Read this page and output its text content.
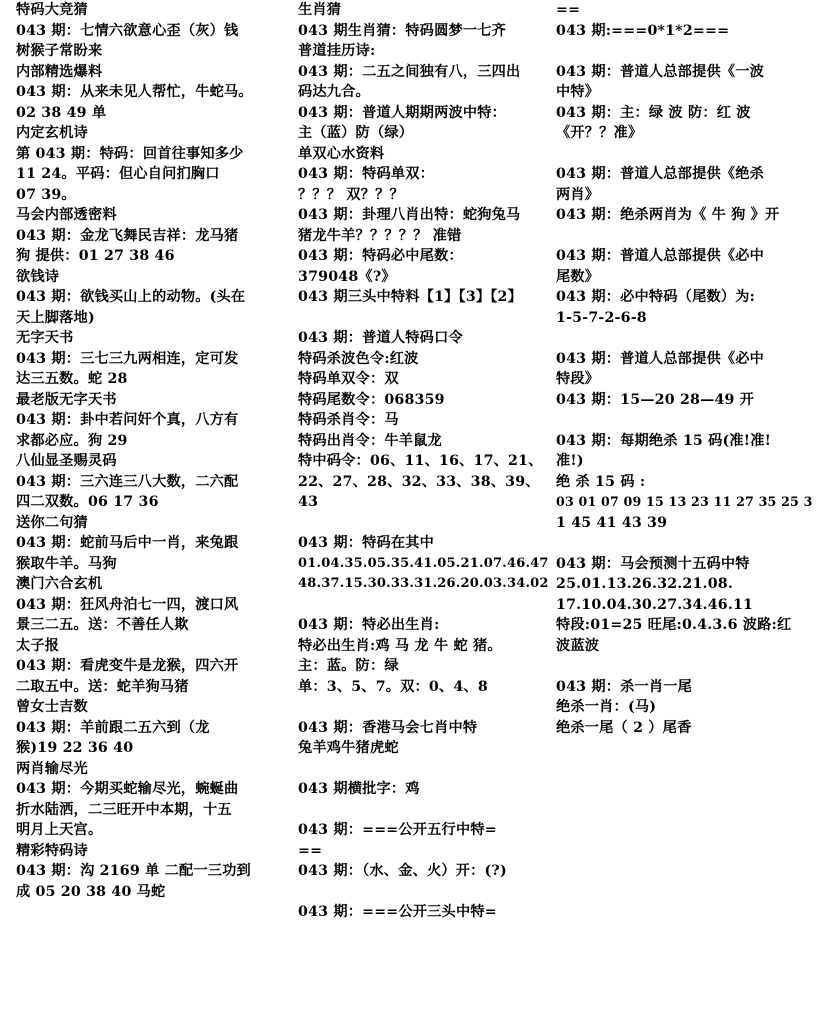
特码大竞猜
043 期：七情六欲意心歪（灰）钱
树猴子常盼来
内部精选爆料
043 期：从来未见人帮忙，牛蛇马。
02 38 49 单
内定玄机诗
第 043 期：特码：回首往事知多少
11 24。平码：但心自问扪胸口
07 39。
马会内部透密料
043 期：金龙飞舞民吉祥：龙马猪
狗 提供：01 27 38 46
欲钱诗
043 期：欲钱买山上的动物。(头在
天上脚落地)
无字天书
043 期：三七三九两相连，定可发
达三五数。蛇 28
最老版无字天书
043 期：卦中若问奸个真，八方有
求都必应。狗 29
八仙显圣赐灵码
043 期：三六连三八大数，二六配
四二双数。06 17 36
送你二句猜
043 期：蛇前马后中一肖，来兔跟
猴取牛羊。马狗
澳门六合玄机
043 期：狂风舟泊七一四，渡口风
景三二五。送：不善任人欺
太子报
043 期：看虎变牛是龙猴，四六开
二取五中。送：蛇羊狗马猪
曾女士吉数
043 期：羊前跟二五六到（龙
猴)19 22 36 40
两肖输尽光
043 期：今期买蛇输尽光，蜿蜒曲
折水陆洒，二三旺开中本期，十五
明月上天宫。
精彩特码诗
043 期：沟 2169 单 二配一三功到
成 05 20 38 40 马蛇
生肖猜
043 期生肖猜：特码圆梦一七齐
普道挂历诗:
043 期：二五之间独有八，三四出
码达九合。
043 期：普道人期期两波中特：
主（蓝）防（绿）
单双心水资料
043 期：特码单双：
？？？ 双？？？
043 期：卦理八肖出特：蛇狗兔马
猪龙牛羊？？？？？ 准错
043 期：特码必中尾数：
379048《?》
043 期三头中特料【1】【3】【2】
043 期：普道人特码口令
特码杀波色令:红波
特码单双令：双
特码尾数令：068359
特码杀肖令：马
特码出肖令：牛羊鼠龙
特中码令：06、11、16、17、21、
22、27、28、32、33、38、39、
43
043 期：特码在其中
01.04.35.05.35.41.05.21.07.46.47
48.37.15.30.33.31.26.20.03.34.02
043 期：特必出生肖:
特必出生肖:鸡 马 龙 牛 蛇 猪。
主：蓝。防：绿
单：3、5、7。双：0、4、8
043 期：香港马会七肖中特
兔羊鸡牛猪虎蛇
043 期横批字：鸡
043 期：===公开五行中特=
==
043 期：（水、金、火）开：(?)
043 期：===公开三头中特=
==
043 期:===0*1*2===
043 期：普道人总部提供《一波
中特》
043 期：主：绿 波 防：红 波
《开？？准》
043 期：普道人总部提供《绝杀
两肖》
043 期：绝杀两肖为《 牛 狗 》开
043 期：普道人总部提供《必中
尾数》
043 期：必中特码（尾数）为:
1-5-7-2-6-8
043 期：普道人总部提供《必中
特段》
043 期：15—20 28—49 开
043 期：每期绝杀 15 码(准!准!
准!)
绝 杀 15 码 :
03 01 07 09 15 13 23 11 27 35 25 3
1 45 41 43 39
043 期：马会预测十五码中特
25.01.13.26.32.21.08.
17.10.04.30.27.34.46.11
特段:01=25 旺尾:0.4.3.6 波路:红
波蓝波
043 期：杀一肖一尾
绝杀一肖：(马)
绝杀一尾（ 2 ）尾香
